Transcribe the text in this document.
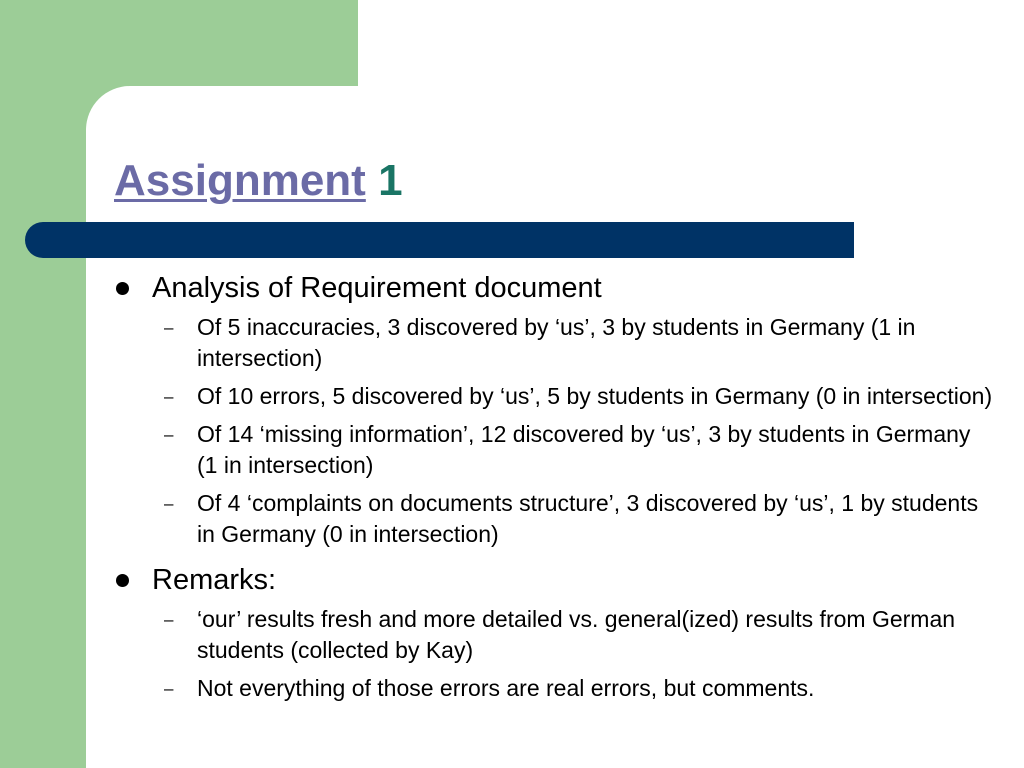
Assignment 1
Analysis of Requirement document
– Of 5 inaccuracies, 3 discovered by ‘us’, 3 by students in Germany (1 in intersection)
– Of 10 errors, 5 discovered by ‘us’, 5 by students in Germany (0 in intersection)
– Of 14 ‘missing information’, 12 discovered by ‘us’, 3 by students in Germany (1 in intersection)
– Of 4 ‘complaints on documents structure’, 3 discovered by ‘us’, 1 by students in Germany (0 in intersection)
Remarks:
– ‘our’ results fresh and more detailed vs. general(ized) results from German students (collected by Kay)
– Not everything of those errors are real errors, but comments.
